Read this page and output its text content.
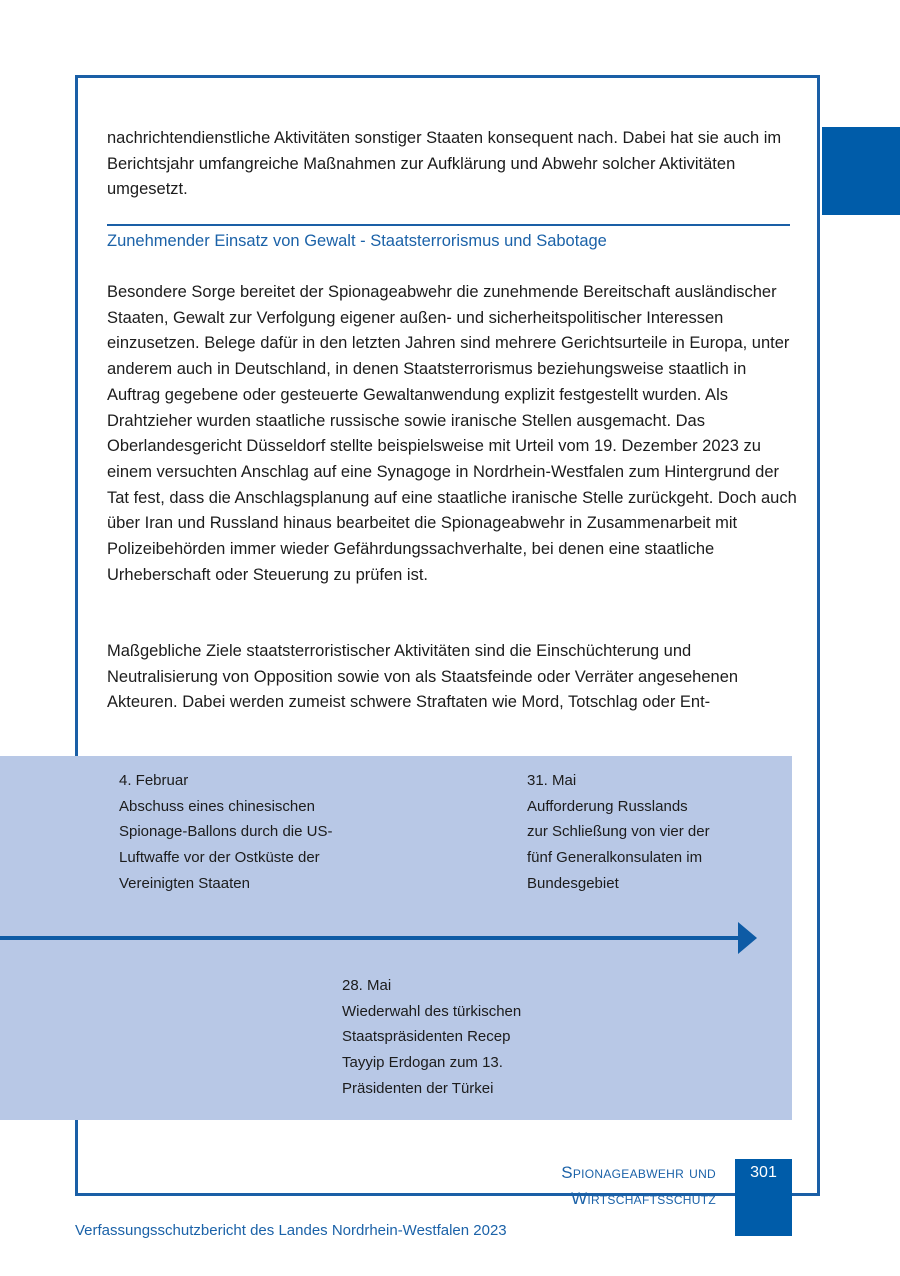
nachrichtendienstliche Aktivitäten sonstiger Staaten konsequent nach. Dabei hat sie auch im Berichtsjahr umfangreiche Maßnahmen zur Aufklärung und Abwehr solcher Aktivitäten umgesetzt.

Zunehmender Einsatz von Gewalt - Staatsterrorismus und Sabotage

Besondere Sorge bereitet der Spionageabwehr die zunehmende Bereitschaft ausländischer Staaten, Gewalt zur Verfolgung eigener außen- und sicherheitspolitischer Interessen einzusetzen. Belege dafür in den letzten Jahren sind mehrere Gerichtsurteile in Europa, unter anderem auch in Deutschland, in denen Staatsterrorismus beziehungsweise staatlich in Auftrag gegebene oder gesteuerte Gewaltanwendung explizit festgestellt wurden. Als Drahtzieher wurden staatliche russische sowie iranische Stellen ausgemacht. Das Oberlandesgericht Düsseldorf stellte beispielsweise mit Urteil vom 19. Dezember 2023 zu einem versuchten Anschlag auf eine Synagoge in Nordrhein-Westfalen zum Hintergrund der Tat fest, dass die Anschlagsplanung auf eine staatliche iranische Stelle zurückgeht. Doch auch über Iran und Russland hinaus bearbeitet die Spionageabwehr in Zusammenarbeit mit Polizeibehörden immer wieder Gefährdungssachverhalte, bei denen eine staatliche Urheberschaft oder Steuerung zu prüfen ist.

Maßgebliche Ziele staatsterroristischer Aktivitäten sind die Einschüchterung und Neutralisierung von Opposition sowie von als Staatsfeinde oder Verräter angesehenen Akteuren. Dabei werden zumeist schwere Straftaten wie Mord, Totschlag oder Ent-

4. Februar

Abschuss eines chinesischen

Spionage-Ballons durch die US-

Luftwaffe vor der Ostküste der

Vereinigten Staaten

31. Mai

Aufforderung Russlands

zur Schließung von vier der

fünf Generalkonsulaten im

Bundesgebiet

28. Mai

Wiederwahl des türkischen

Staatspräsidenten Recep

Tayyip Erdogan zum 13.

Präsidenten der Türkei

Spionageabwehr und Wirtschaftsschutz
301
Verfassungsschutzbericht des Landes Nordrhein-Westfalen 2023
